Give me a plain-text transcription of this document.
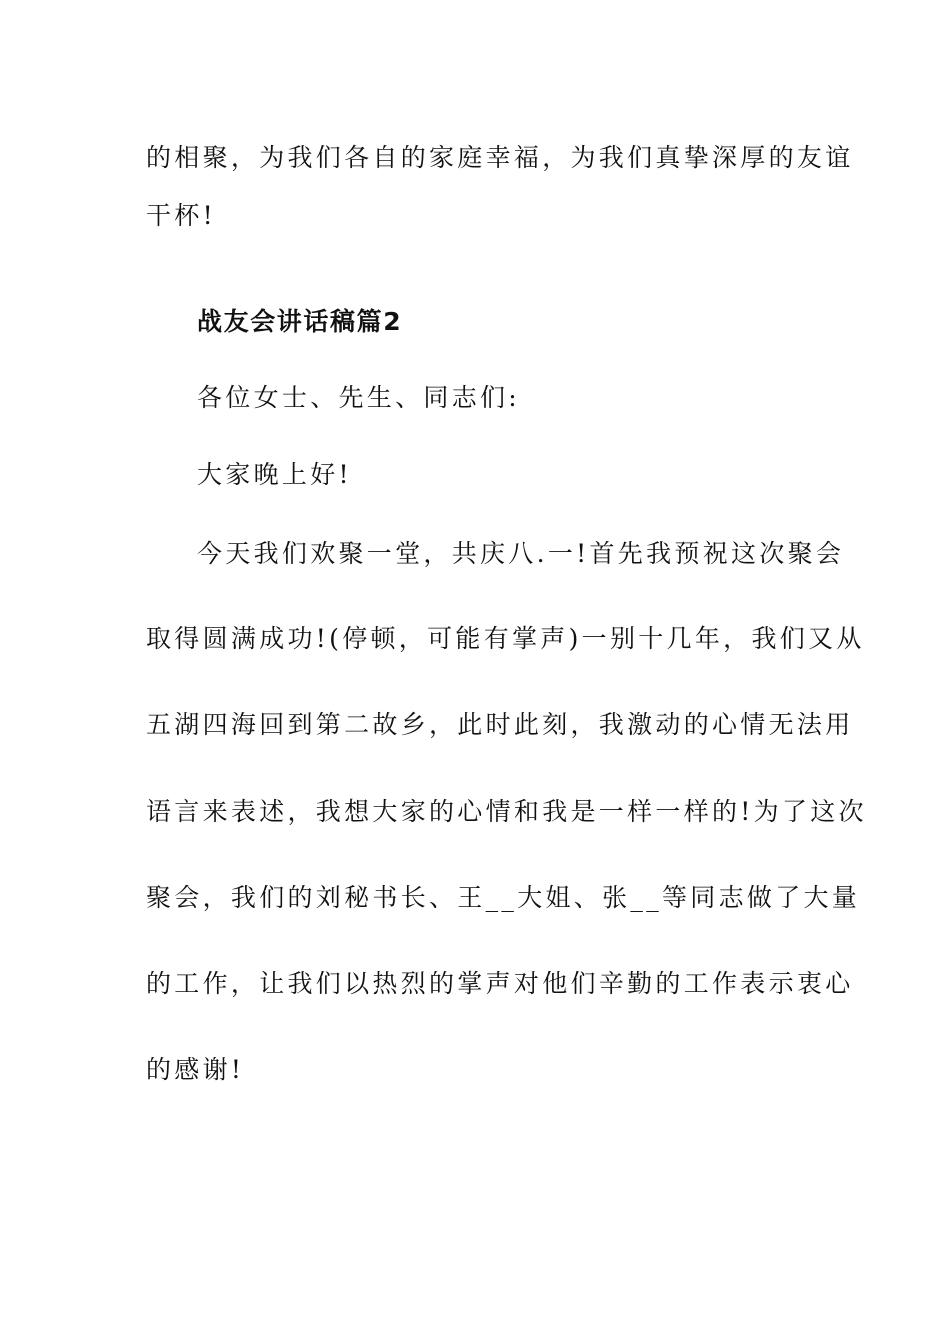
的相聚，为我们各自的家庭幸福，为我们真挚深厚的友谊
干杯!
战友会讲话稿篇2
各位女士、先生、同志们:
大家晚上好!
今天我们欢聚一堂，共庆八.一!首先我预祝这次聚会
取得圆满成功!(停顿，可能有掌声)一别十几年，我们又从
五湖四海回到第二故乡，此时此刻，我激动的心情无法用
语言来表述，我想大家的心情和我是一样一样的!为了这次
聚会，我们的刘秘书长、王__大姐、张__等同志做了大量
的工作，让我们以热烈的掌声对他们辛勤的工作表示衷心
的感谢!
